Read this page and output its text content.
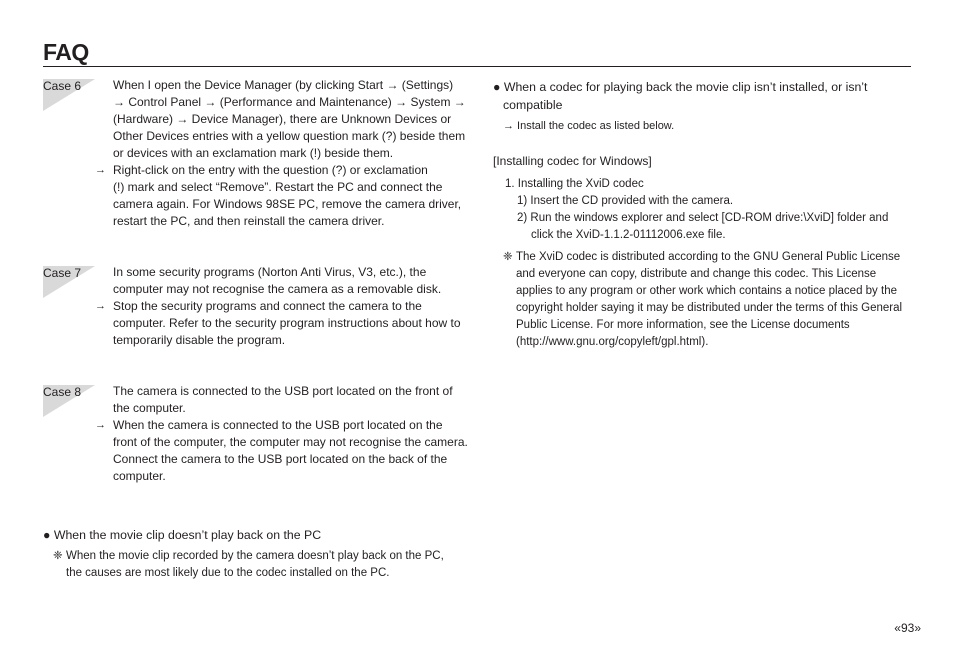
FAQ
Case 6	When I open the Device Manager (by clicking Start → (Settings)
→ Control Panel → (Performance and Maintenance) → System →
(Hardware) → Device Manager), there are Unknown Devices or
Other Devices entries with a yellow question mark (?) beside them
or devices with an exclamation mark (!) beside them.
→ Right-click on the entry with the question (?) or exclamation
(!) mark and select “Remove”. Restart the PC and connect the
camera again. For Windows 98SE PC, remove the camera driver,
restart the PC, and then reinstall the camera driver.
Case 7	In some security programs (Norton Anti Virus, V3, etc.), the
computer may not recognise the camera as a removable disk.
→ Stop the security programs and connect the camera to the
computer. Refer to the security program instructions about how to
temporarily disable the program.
Case 8	The camera is connected to the USB port located on the front of
the computer.
→ When the camera is connected to the USB port located on the
front of the computer, the computer may not recognise the camera.
Connect the camera to the USB port located on the back of the
computer.
● When the movie clip doesn’t play back on the PC
❈ When the movie clip recorded by the camera doesn’t play back on the PC,
the causes are most likely due to the codec installed on the PC.
● When a codec for playing back the movie clip isn’t installed, or isn’t
compatible
→ Install the codec as listed below.
[Installing codec for Windows]
1. Installing the XviD codec
1) Insert the CD provided with the camera.
2) Run the windows explorer and select [CD-ROM drive:\XviD] folder and
click the XviD-1.1.2-01112006.exe file.
❈ The XviD codec is distributed according to the GNU General Public License
and everyone can copy, distribute and change this codec. This License
applies to any program or other work which contains a notice placed by the
copyright holder saying it may be distributed under the terms of this General
Public License. For more information, see the License documents
(http://www.gnu.org/copyleft/gpl.html).
«93»
